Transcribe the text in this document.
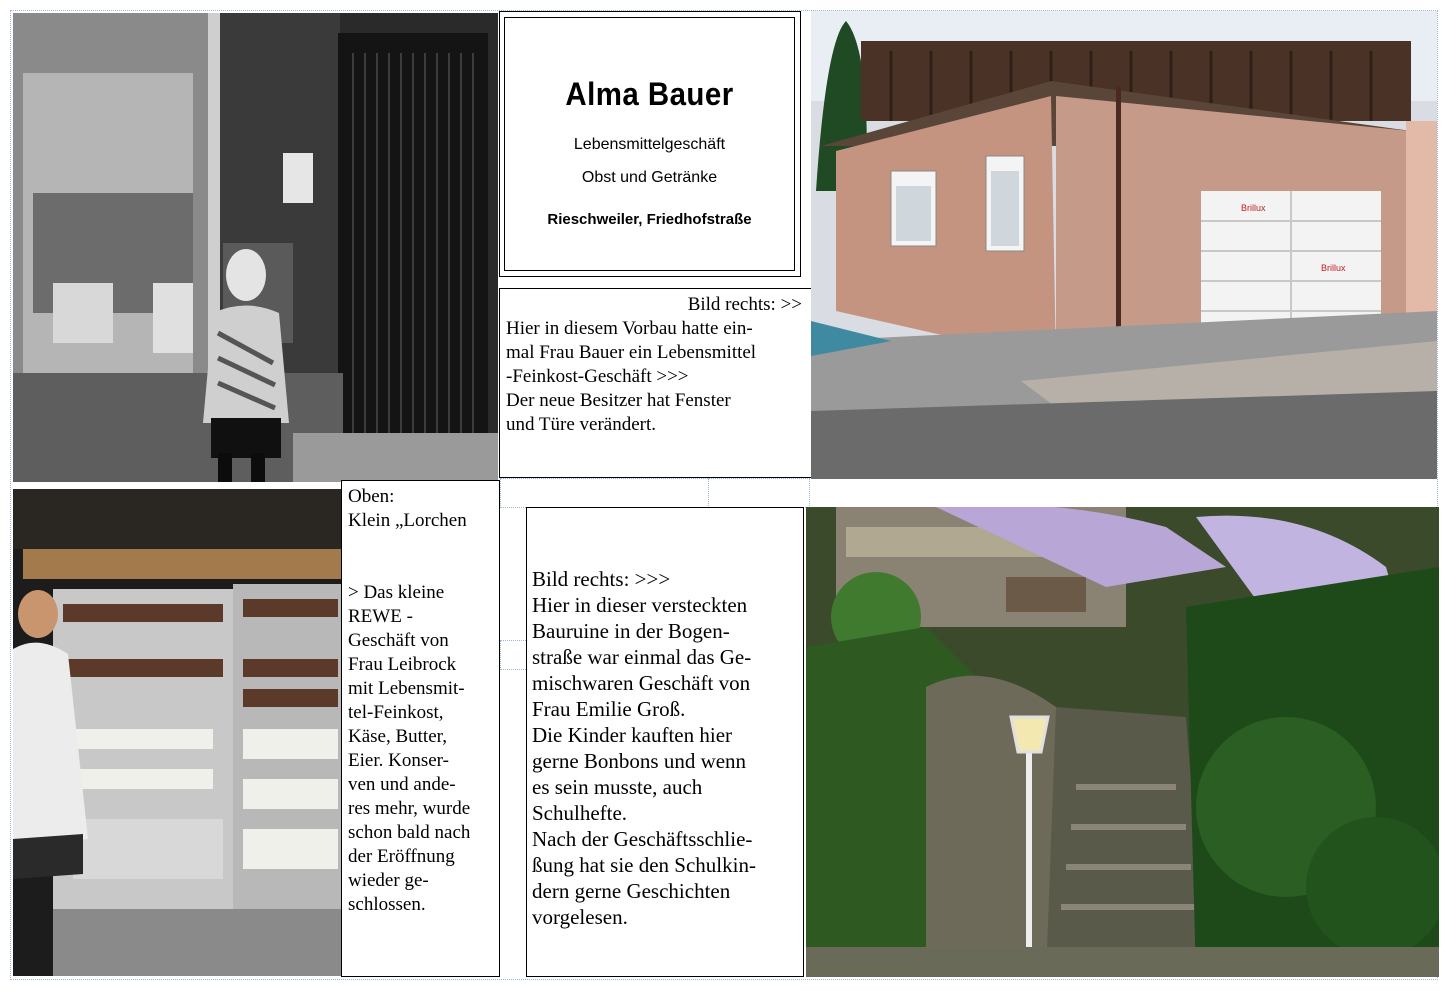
Alma Bauer
Lebensmittelgeschäft
Obst und Getränke
Rieschweiler, Friedhofstraße

Bild rechts: >>

Hier in diesem Vorbau hatte ein-
mal Frau Bauer ein Lebensmittel
-Feinkost-Geschäft >>>
Der neue Besitzer hat Fenster
und Türe verändert.

Brillux
Brillux

Oben:
Klein „Lorchen

> Das kleine
REWE -
Geschäft von
Frau Leibrock
mit Lebensmit-
tel-Feinkost,
Käse, Butter,
Eier. Konser-
ven und ande-
res mehr, wurde
schon bald nach
der Eröffnung
wieder ge-
schlossen.

Bild rechts: >>>

Hier in dieser versteckten
Bauruine in der Bogen-
straße war einmal das Ge-
mischwaren Geschäft von
Frau Emilie Groß.
Die Kinder kauften hier
gerne Bonbons und wenn
es sein musste, auch
Schulhefte.
Nach der Geschäftsschlie-
ßung hat sie den Schulkin-
dern gerne Geschichten
vorgelesen.
